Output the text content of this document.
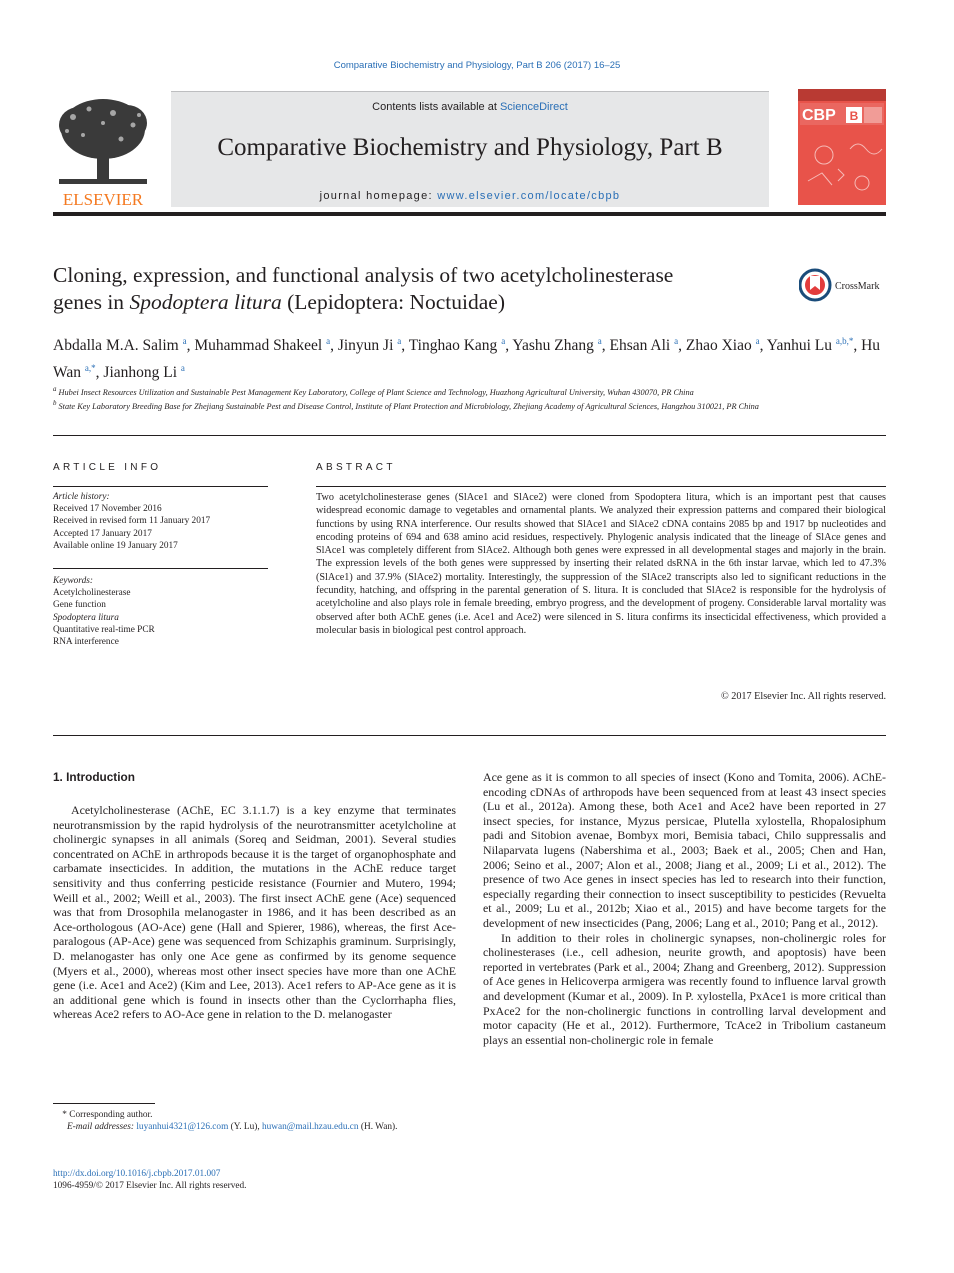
Comparative Biochemistry and Physiology, Part B 206 (2017) 16–25
ELSEVIER
Contents lists available at ScienceDirect
Comparative Biochemistry and Physiology, Part B
journal homepage: www.elsevier.com/locate/cbpb
CBP B
Cloning, expression, and functional analysis of two acetylcholinesterase
genes in Spodoptera litura (Lepidoptera: Noctuidae)
CrossMark
Abdalla M.A. Salim $^a$, Muhammad Shakeel $^a$, Jinyun Ji $^a$, Tinghao Kang $^a$, Yashu Zhang $^a$, Ehsan Ali $^a$, Zhao Xiao $^a$, Yanhui Lu $^{a,b,*}$, Hu Wan $^{a,*}$, Jianhong Li $^a$
$^a$ Hubei Insect Resources Utilization and Sustainable Pest Management Key Laboratory, College of Plant Science and Technology, Huazhong Agricultural University, Wuhan 430070, PR China
$^b$ State Key Laboratory Breeding Base for Zhejiang Sustainable Pest and Disease Control, Institute of Plant Protection and Microbiology, Zhejiang Academy of Agricultural Sciences, Hangzhou 310021, PR China
ARTICLE INFO
Article history:
Received 17 November 2016
Received in revised form 11 January 2017
Accepted 17 January 2017
Available online 19 January 2017
Keywords:
Acetylcholinesterase
Gene function
Spodoptera litura
Quantitative real-time PCR
RNA interference
ABSTRACT
Two acetylcholinesterase genes (SlAce1 and SlAce2) were cloned from Spodoptera litura, which is an important pest that causes widespread economic damage to vegetables and ornamental plants. We analyzed their expression patterns and compared their biological functions by using RNA interference. Our results showed that SlAce1 and SlAce2 cDNA contains 2085 bp and 1917 bp nucleotides and encoding proteins of 694 and 638 amino acid residues, respectively. Phylogenic analysis indicated that the lineage of SlAce genes and SlAce1 was completely different from SlAce2. Although both genes were expressed in all developmental stages and majorly in the brain. The expression levels of the both genes were suppressed by inserting their related dsRNA in the 6th instar larvae, which led to 47.3% (SlAce1) and 37.9% (SlAce2) mortality. Interestingly, the suppression of the SlAce2 transcripts also led to significant reductions in the fecundity, hatching, and offspring in the parental generation of S. litura. It is concluded that SlAce2 is responsible for the hydrolysis of acetylcholine and also plays role in female breeding, embryo progress, and the development of progeny. Considerable larval mortality was observed after both AChE genes (i.e. Ace1 and Ace2) were silenced in S. litura confirms its insecticidal effectiveness, which provided a molecular basis in biological pest control approach.
© 2017 Elsevier Inc. All rights reserved.
1. Introduction

Acetylcholinesterase (AChE, EC 3.1.1.7) is a key enzyme that terminates neurotransmission by the rapid hydrolysis of the neurotransmitter acetylcholine at cholinergic synapses in all animals (Soreq and Seidman, 2001). Several studies concentrated on AChE in arthropods because it is the target of organophosphate and carbamate insecticides. In addition, the mutations in the AChE reduce target sensitivity and thus conferring pesticide resistance (Fournier and Mutero, 1994; Weill et al., 2002; Weill et al., 2003). The first insect AChE gene (Ace) sequenced was that from Drosophila melanogaster in 1986, and it has been described as an Ace-orthologous (AO-Ace) gene (Hall and Spierer, 1986), whereas, the first Ace-paralogous (AP-Ace) gene was sequenced from Schizaphis graminum. Surprisingly, D. melanogaster has only one Ace gene as confirmed by its genome sequence (Myers et al., 2000), whereas most other insect species have more than one AChE gene (i.e. Ace1 and Ace2) (Kim and Lee, 2013). Ace1 refers to AP-Ace gene as it is an additional gene which is found in insects other than the Cyclorrhapha flies, whereas Ace2 refers to AO-Ace gene in relation to the D. melanogaster

Ace gene as it is common to all species of insect (Kono and Tomita, 2006). AChE-encoding cDNAs of arthropods have been sequenced from at least 43 insect species (Lu et al., 2012a). Among these, both Ace1 and Ace2 have been reported in 27 insect species, for instance, Myzus persicae, Plutella xylostella, Rhopalosiphum padi and Sitobion avenae, Bombyx mori, Bemisia tabaci, Chilo suppressalis and Nilaparvata lugens (Nabershima et al., 2003; Baek et al., 2005; Chen and Han, 2006; Seino et al., 2007; Alon et al., 2008; Jiang et al., 2009; Li et al., 2012). The presence of two Ace genes in insect species has led to research into their function, especially regarding their connection to insect susceptibility to pesticides (Revuelta et al., 2009; Lu et al., 2012b; Xiao et al., 2015) and have become targets for the development of new insecticides (Pang, 2006; Lang et al., 2010; Pang et al., 2012).

In addition to their roles in cholinergic synapses, non-cholinergic roles for cholinesterases (i.e., cell adhesion, neurite growth, and apoptosis) have been reported in vertebrates (Park et al., 2004; Zhang and Greenberg, 2012). Suppression of Ace genes in Helicoverpa armigera was recently found to influence larval growth and development (Kumar et al., 2009). In P. xylostella, PxAce1 is more critical than PxAce2 for the non-cholinergic functions in controlling larval development and motor capacity (He et al., 2012). Furthermore, TcAce2 in Tribolium castaneum plays an essential non-cholinergic role in female

* Corresponding author.
E-mail addresses: luyanhui4321@126.com (Y. Lu), huwan@mail.hzau.edu.cn (H. Wan).
http://dx.doi.org/10.1016/j.cbpb.2017.01.007
1096-4959/© 2017 Elsevier Inc. All rights reserved.
